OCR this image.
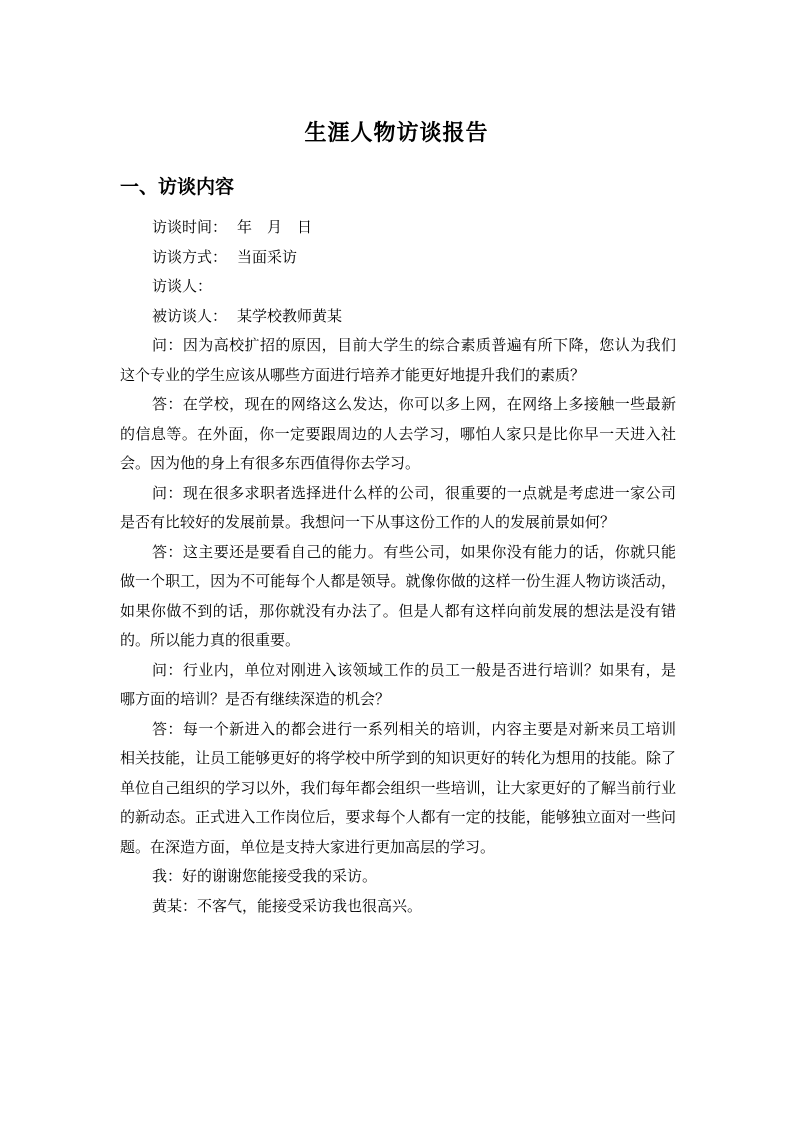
生涯人物访谈报告
一、访谈内容

访谈时间： 年　月　日

访谈方式： 当面采访

访谈人：

被访谈人： 某学校教师黄某

问：因为高校扩招的原因，目前大学生的综合素质普遍有所下降，您认为我们这个专业的学生应该从哪些方面进行培养才能更好地提升我们的素质？

答：在学校，现在的网络这么发达，你可以多上网，在网络上多接触一些最新的信息等。在外面，你一定要跟周边的人去学习，哪怕人家只是比你早一天进入社会。因为他的身上有很多东西值得你去学习。

问：现在很多求职者选择进什么样的公司，很重要的一点就是考虑进一家公司是否有比较好的发展前景。我想问一下从事这份工作的人的发展前景如何？

答：这主要还是要看自己的能力。有些公司，如果你没有能力的话，你就只能做一个职工，因为不可能每个人都是领导。就像你做的这样一份生涯人物访谈活动，如果你做不到的话，那你就没有办法了。但是人都有这样向前发展的想法是没有错的。所以能力真的很重要。

问：行业内，单位对刚进入该领域工作的员工一般是否进行培训？如果有，是哪方面的培训？是否有继续深造的机会？

答：每一个新进入的都会进行一系列相关的培训，内容主要是对新来员工培训相关技能，让员工能够更好的将学校中所学到的知识更好的转化为想用的技能。除了单位自己组织的学习以外，我们每年都会组织一些培训，让大家更好的了解当前行业的新动态。正式进入工作岗位后，要求每个人都有一定的技能，能够独立面对一些问题。在深造方面，单位是支持大家进行更加高层的学习。

我：好的谢谢您能接受我的采访。

黄某：不客气，能接受采访我也很高兴。
